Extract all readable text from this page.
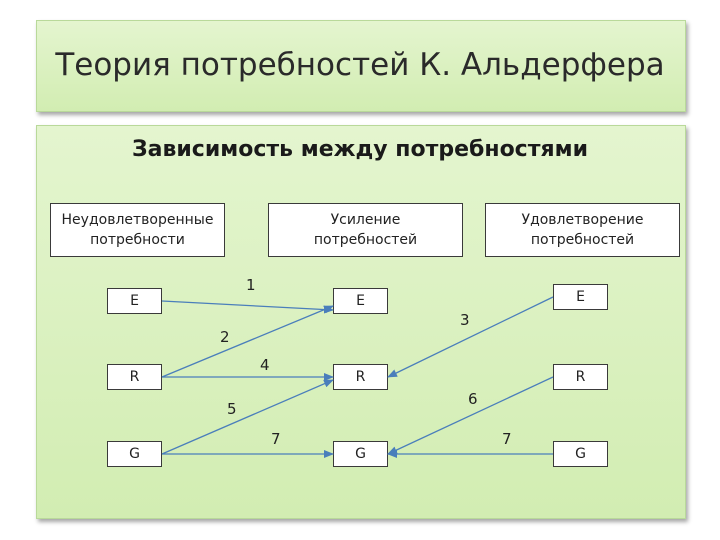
Теория потребностей К. Альдерфера
Зависимость между потребностями
Неудовлетворенные
потребности
Усиление
потребностей
Удовлетворение
потребностей
E
R
G
E
R
G
E
R
G
1
2
4
5
7
3
6
7
